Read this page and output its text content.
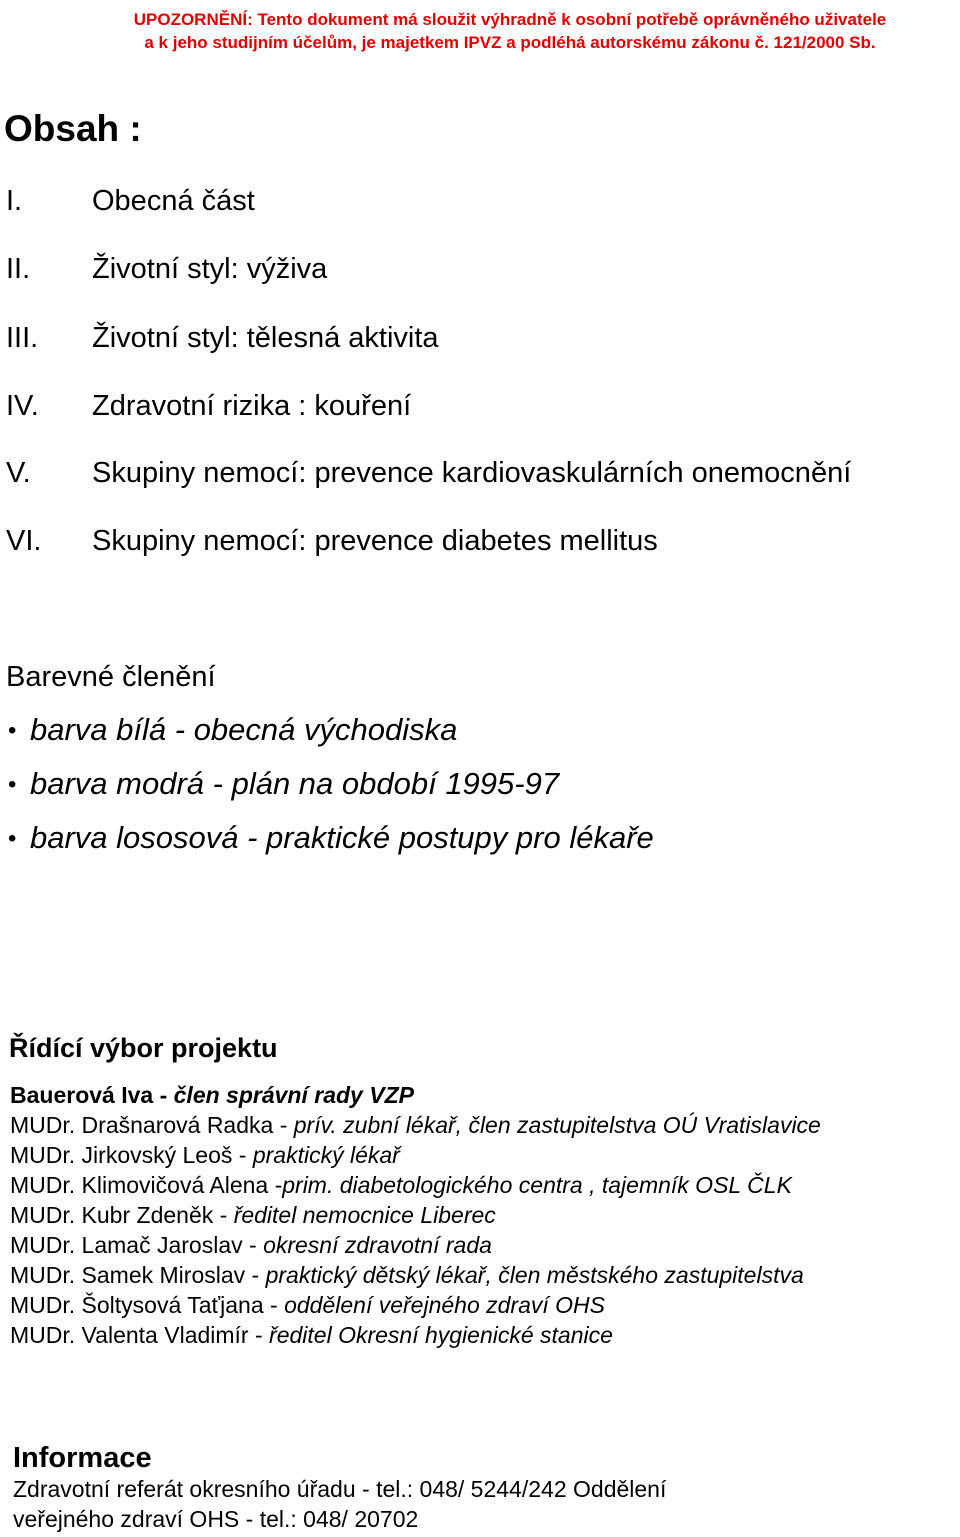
UPOZORNĚNÍ: Tento dokument má sloužit výhradně k osobní potřebě oprávněného uživatele
a k jeho studijním účelům, je majetkem IPVZ a podléhá autorskému zákonu č. 121/2000 Sb.
Obsah :
I.	Obecná část
II.	Životní styl: výživa
III.	Životní styl: tělesná aktivita
IV.	Zdravotní rizika : kouření
V.	Skupiny nemocí: prevence kardiovaskulárních onemocnění
VI.	Skupiny nemocí: prevence diabetes mellitus
Barevné členění
• barva bílá - obecná východiska
• barva modrá - plán na období 1995-97
• barva lososová - praktické postupy pro lékaře
Řídící výbor projektu
Bauerová Iva - člen správní rady VZP
MUDr. Drašnarová Radka - prív. zubní lékař, člen zastupitelstva OÚ Vratislavice
MUDr. Jirkovský Leoš - praktický lékař
MUDr. Klimovičová Alena -prim. diabetologického centra , tajemník OSL ČLK
MUDr. Kubr Zdeněk - ředitel nemocnice Liberec
MUDr. Lamač Jaroslav - okresní zdravotní rada
MUDr. Samek Miroslav - praktický dětský lékař, člen městského zastupitelstva
MUDr. Šoltysová Taťjana - oddělení veřejného zdraví OHS
MUDr. Valenta Vladimír - ředitel Okresní hygienické stanice
Informace
Zdravotní referát okresního úřadu - tel.: 048/ 5244/242 Oddělení
veřejného zdraví OHS - tel.: 048/ 20702
